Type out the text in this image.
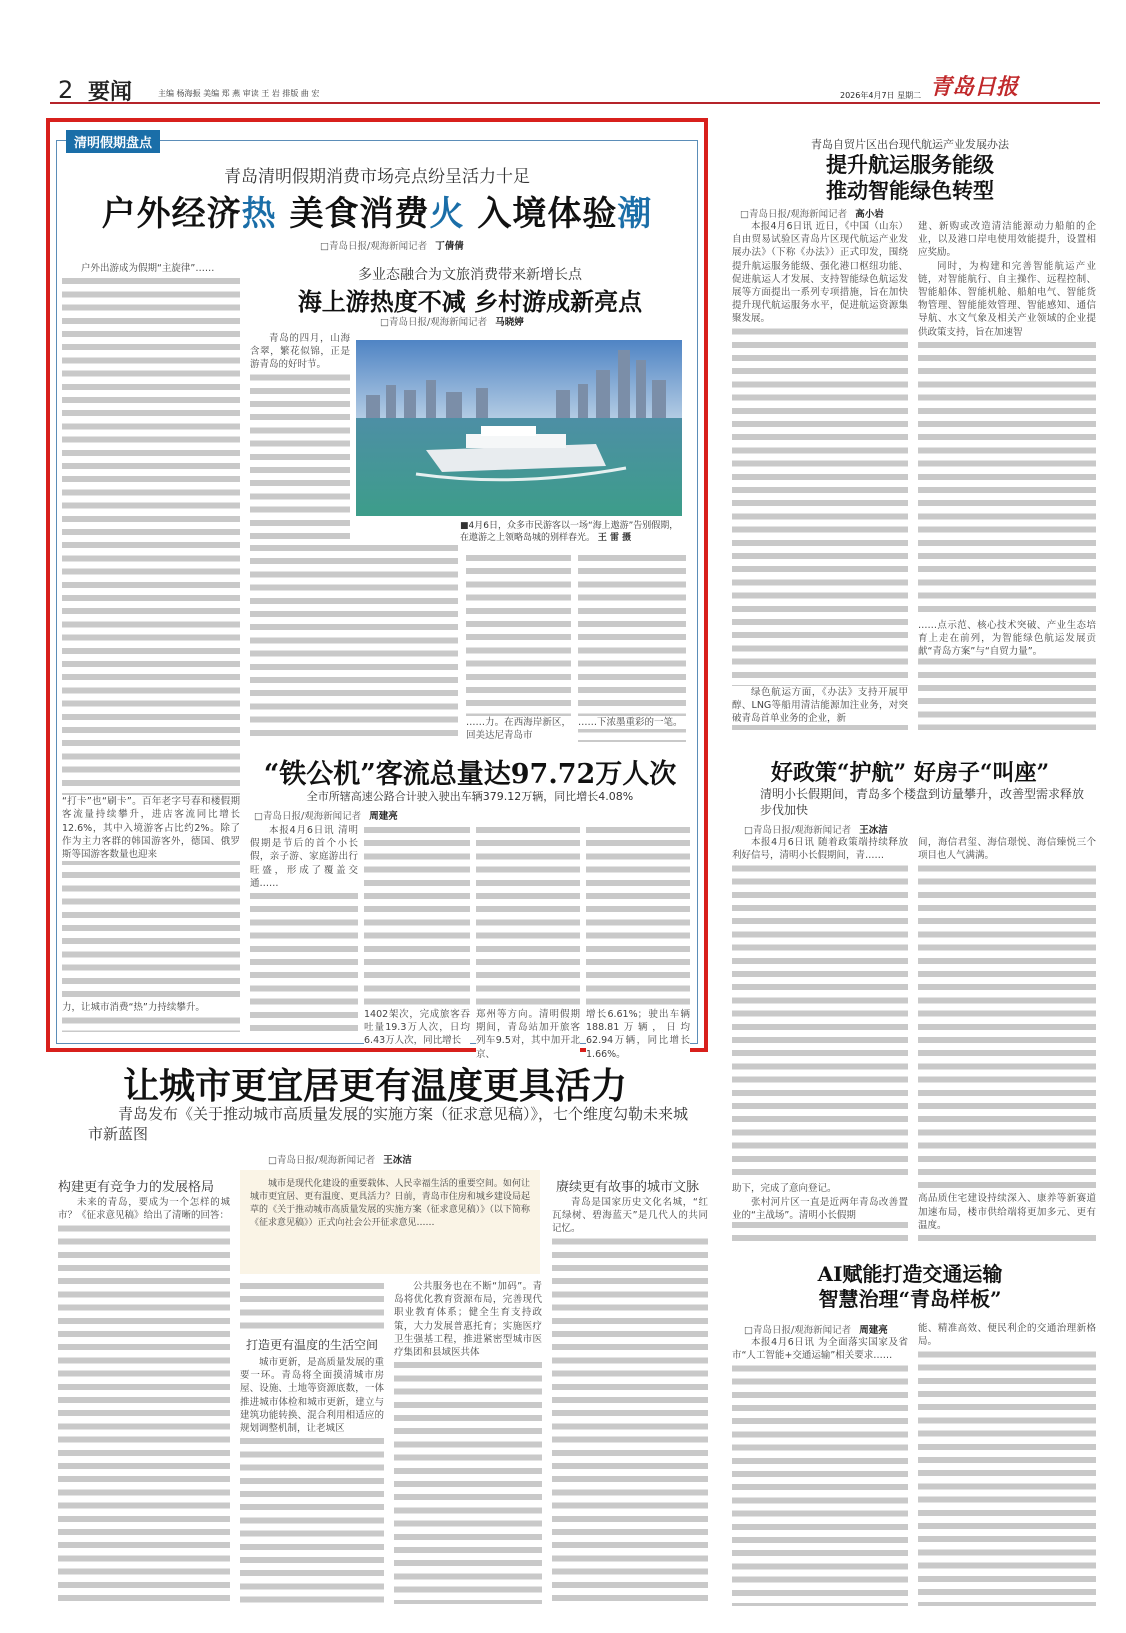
2 要闻	主编 杨海振 美编 郑 燕 审读 王 岩 排版 曲 宏	2026年4月7日 星期二 青岛日报
清明假期盘点
青岛清明假期消费市场亮点纷呈活力十足
户外经济热 美食消费火 入境体验潮
□青岛日报/观海新闻记者 丁倩倩

户外出游成为假期“主旋律”……

“打卡”也“刷卡”。百年老字号春和楼假期客流量持续攀升，进店客流同比增长12.6%，其中入境游客占比约2%。除了作为主力客群的韩国游客外，德国、俄罗斯等国游客数量也迎来

力，让城市消费“热”力持续攀升。

多业态融合为文旅消费带来新增长点
海上游热度不减 乡村游成新亮点
□青岛日报/观海新闻记者 马晓婷

青岛的四月，山海含翠，繁花似锦，正是游青岛的好时节。

■4月6日，众多市民游客以一场“海上遨游”告别假期，在遨游之上领略岛城的别样春光。 王 雷 摄

……力。在西海岸新区，回美达尼青岛市

……下浓墨重彩的一笔。

“铁公机”客流总量达97.72万人次
全市所辖高速公路合计驶入驶出车辆379.12万辆，同比增长4.08%
□青岛日报/观海新闻记者 周建亮

本报4月6日讯 清明假期是节后的首个小长假，亲子游、家庭游出行旺盛，形成了覆盖交通……

1402架次，完成旅客吞吐量19.3万人次，日均6.43万人次，同比增长

郑州等方向。清明假期期间，青岛站加开旅客列车9.5对，其中加开北京、

增长6.61%；驶出车辆188.81万辆，日均62.94万辆，同比增长1.66%。

青岛自贸片区出台现代航运产业发展办法
提升航运服务能级
推动智能绿色转型
□青岛日报/观海新闻记者 高小岩

本报4月6日讯 近日，《中国（山东）自由贸易试验区青岛片区现代航运产业发展办法》（下称《办法》）正式印发，围绕提升航运服务能级、强化港口枢纽功能、促进航运人才发展、支持智能绿色航运发展等方面提出一系列专项措施，旨在加快提升现代航运服务水平，促进航运资源集聚发展。

绿色航运方面，《办法》支持开展甲醇、LNG等船用清洁能源加注业务，对突破青岛首单业务的企业，新

建、新购或改造清洁能源动力船舶的企业，以及港口岸电使用效能提升，设置相应奖励。

同时，为构建和完善智能航运产业链，对智能航行、自主操作、远程控制、智能船体、智能机舱、船舶电气、智能货物管理、智能能效管理、智能感知、通信导航、水文气象及相关产业领域的企业提供政策支持，旨在加速智

……点示范、核心技术突破、产业生态培育上走在前列，为智能绿色航运发展贡献“青岛方案”与“自贸力量”。

好政策“护航” 好房子“叫座”
清明小长假期间，青岛多个楼盘到访量攀升，改善型需求释放步伐加快
□青岛日报/观海新闻记者 王冰洁

本报4月6日讯 随着政策端持续释放利好信号，清明小长假期间，青……

助下，完成了意向登记。

张村河片区一直是近两年青岛改善置业的“主战场”。清明小长假期

间，海信君玺、海信璟悦、海信臻悦三个项目也人气满满。

高品质住宅建设持续深入、康养等新赛道加速布局，楼市供给端将更加多元、更有温度。

AI赋能打造交通运输
智慧治理“青岛样板”
□青岛日报/观海新闻记者 周建亮

本报4月6日讯 为全面落实国家及省市“人工智能+交通运输”相关要求……

能、精准高效、便民利企的交通治理新格局。

让城市更宜居更有温度更具活力
青岛发布《关于推动城市高质量发展的实施方案（征求意见稿）》，七个维度勾勒未来城市新蓝图
□青岛日报/观海新闻记者 王冰洁
构建更有竞争力的发展格局	城市是现代化建设的重要载体、人民幸福生活的重要空间。如何让城市更宜居、更有温度、更具活力？日前，青岛市住房和城乡建设局起草的《关于推动城市高质量发展的实施方案（征求意见稿）》（以下简称《征求意见稿》）正式向社会公开征求意见……

赓续更有故事的城市文脉

未来的青岛，要成为一个怎样的城市？《征求意见稿》给出了清晰的回答：

打造更有温度的生活空间

城市更新，是高质量发展的重要一环。青岛将全面摸清城市房屋、设施、土地等资源底数，一体推进城市体检和城市更新，建立与建筑功能转换、混合利用相适应的规划调整机制，让老城区

公共服务也在不断“加码”。青岛将优化教育资源布局，完善现代职业教育体系；健全生育支持政策，大力发展普惠托育；实施医疗卫生强基工程，推进紧密型城市医疗集团和县域医共体

青岛是国家历史文化名城，“红瓦绿树、碧海蓝天”是几代人的共同记忆。
